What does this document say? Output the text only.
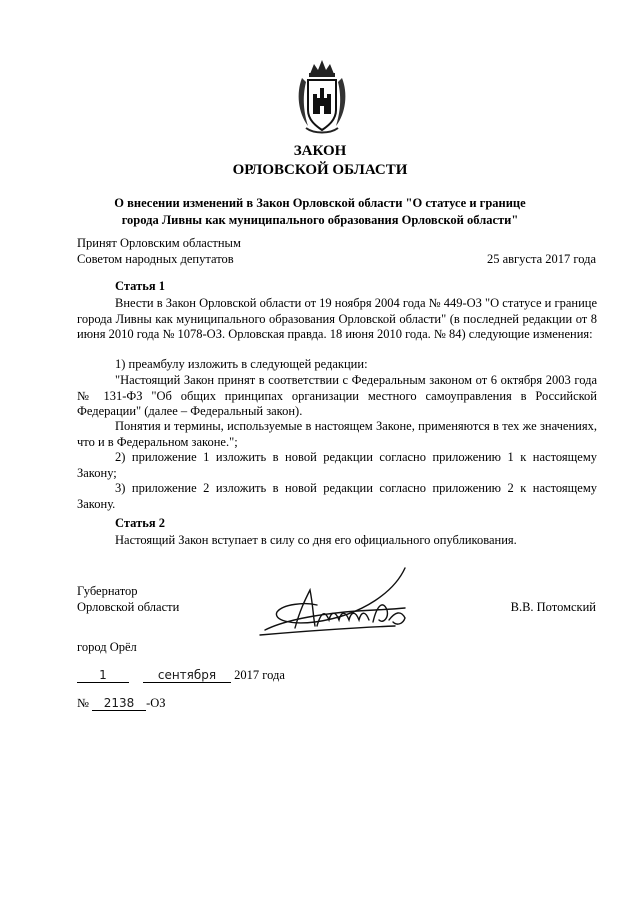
ЗАКОН
ОРЛОВСКОЙ ОБЛАСТИ
О внесении изменений в Закон Орловской области "О статусе и границе
города Ливны как муниципального образования Орловской области"
Принят Орловским областным
Советом народных депутатов	25 августа 2017 года
Статья 1
Внести в Закон Орловской области от 19 ноября 2004 года № 449-ОЗ "О статусе и границе города Ливны как муниципального образования Орловской области" (в последней редакции от 8 июня 2010 года № 1078-ОЗ. Орловская правда. 18 июня 2010 года. № 84) следующие изменения:
1) преамбулу изложить в следующей редакции:
"Настоящий Закон принят в соответствии с Федеральным законом от 6 октября 2003 года № 131-ФЗ "Об общих принципах организации местного самоуправления в Российской Федерации" (далее – Федеральный закон).
Понятия и термины, используемые в настоящем Законе, применяются в тех же значениях, что и в Федеральном законе.";
2) приложение 1 изложить в новой редакции согласно приложению 1 к настоящему Закону;
3) приложение 2 изложить в новой редакции согласно приложению 2 к настоящему Закону.
Статья 2
Настоящий Закон вступает в силу со дня его официального опубликования.
Губернатор
Орловской области	В.В. Потомский
город Орёл
1	сентября 2017 года
№ 2138 -ОЗ
